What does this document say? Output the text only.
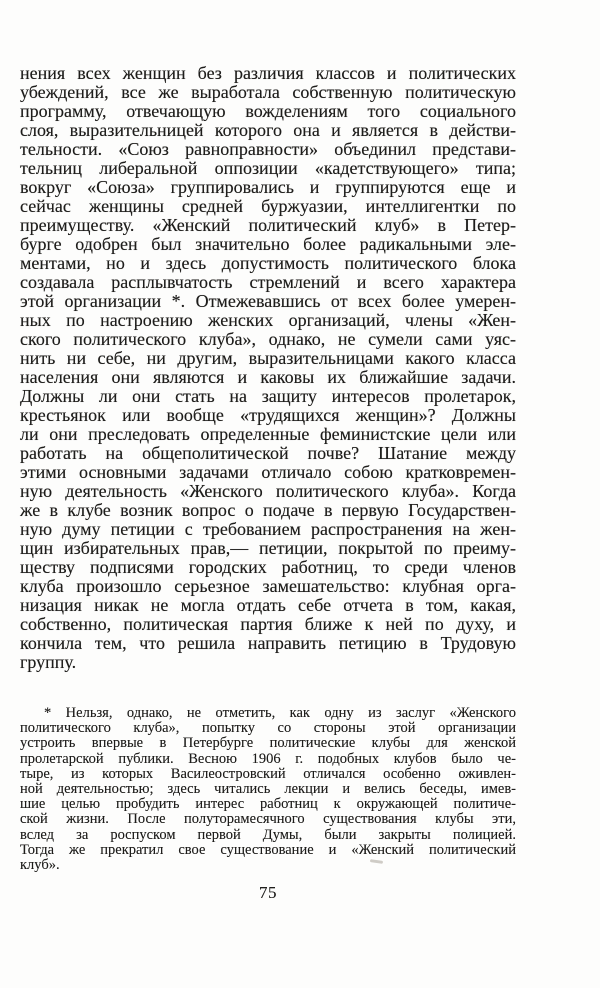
нения всех женщин без различия классов и политических
убеждений, все же выработала собственную политическую
программу, отвечающую вожделениям того социального
слоя, выразительницей которого она и является в действи-
тельности. «Союз равноправности» объединил представи-
тельниц либеральной оппозиции «кадетствующего» типа;
вокруг «Союза» группировались и группируются еще и
сейчас женщины средней буржуазии, интеллигентки по
преимуществу. «Женский политический клуб» в Петер-
бурге одобрен был значительно более радикальными эле-
ментами, но и здесь допустимость политического блока
создавала расплывчатость стремлений и всего характера
этой организации *. Отмежевавшись от всех более умерен-
ных по настроению женских организаций, члены «Жен-
ского политического клуба», однако, не сумели сами уяс-
нить ни себе, ни другим, выразительницами какого класса
населения они являются и каковы их ближайшие задачи.
Должны ли они стать на защиту интересов пролетарок,
крестьянок или вообще «трудящихся женщин»? Должны
ли они преследовать определенные феминистские цели или
работать на общеполитической почве? Шатание между
этими основными задачами отличало собою кратковремен-
ную деятельность «Женского политического клуба». Когда
же в клубе возник вопрос о подаче в первую Государствен-
ную думу петиции с требованием распространения на жен-
щин избирательных прав,— петиции, покрытой по преиму-
ществу подписями городских работниц, то среди членов
клуба произошло серьезное замешательство: клубная орга-
низация никак не могла отдать себе отчета в том, какая,
собственно, политическая партия ближе к ней по духу, и
кончила тем, что решила направить петицию в Трудовую
группу.
* Нельзя, однако, не отметить, как одну из заслуг «Женского
политического клуба», попытку со стороны этой организации
устроить впервые в Петербурге политические клубы для женской
пролетарской публики. Весною 1906 г. подобных клубов было че-
тыре, из которых Василеостровский отличался особенно оживлен-
ной деятельностью; здесь читались лекции и велись беседы, имев-
шие целью пробудить интерес работниц к окружающей политиче-
ской жизни. После полуторамесячного существования клубы эти,
вслед за роспуском первой Думы, были закрыты полицией.
Тогда же прекратил свое существование и «Женский политический
клуб».
75
